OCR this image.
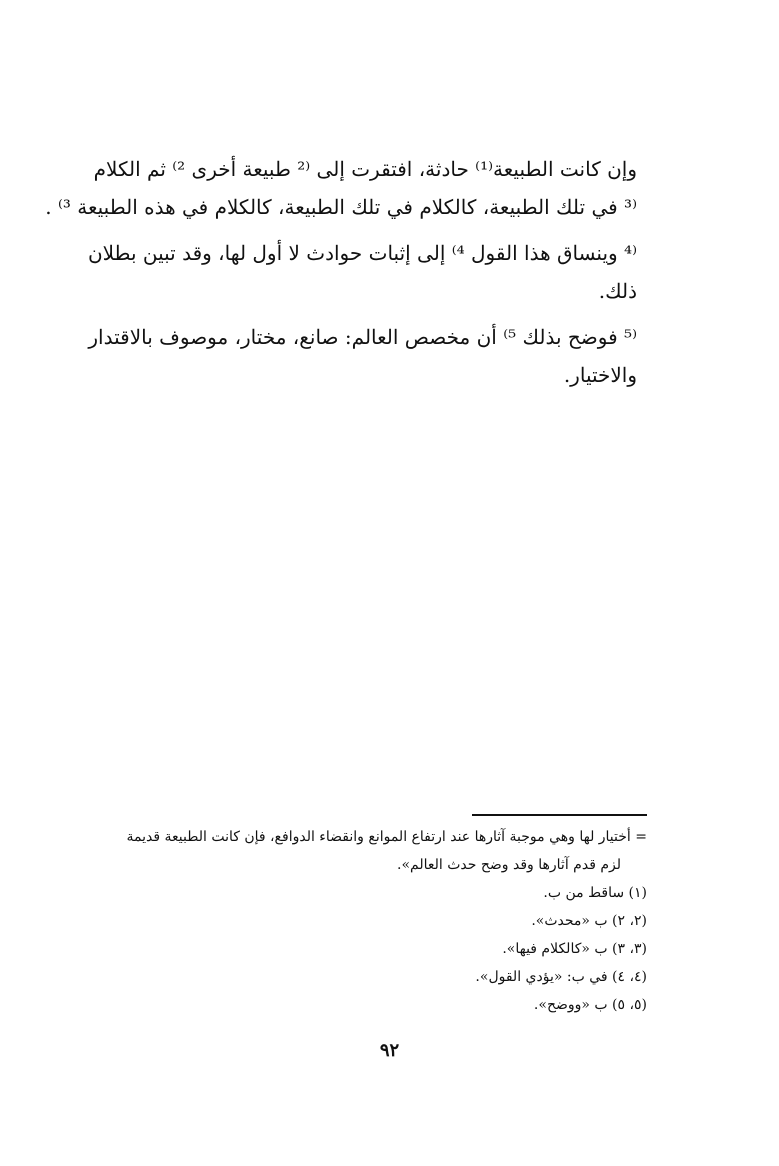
وإن كانت الطبيعة⁽¹⁾ حادثة، افتقرت إلى ⁽² طبيعة أخرى ²⁾ ثم الكلام
⁽³ في تلك الطبيعة، كالكلام في تلك الطبيعة، كالكلام في هذه الطبيعة ³⁾ .

⁽⁴ وينساق هذا القول ⁴⁾ إلى إثبات حوادث لا أول لها، وقد تبين بطلان
ذلك.

⁽⁵ فوضح بذلك ⁵⁾ أن مخصص العالم: صانع، مختار، موصوف بالاقتدار
والاختيار.

= أختيار لها وهي موجبة آثارها عند ارتفاع الموانع وانقضاء الدوافع، فإن كانت الطبيعة قديمة
لزم قدم آثارها وقد وضح حدث العالم».
(١) ساقط من ب.
(٢، ٢) ب «محدث».
(٣، ٣) ب «كالكلام فيها».
(٤، ٤) في ب: «يؤدي القول».
(٥، ٥) ب «ووضح».
٩٢
